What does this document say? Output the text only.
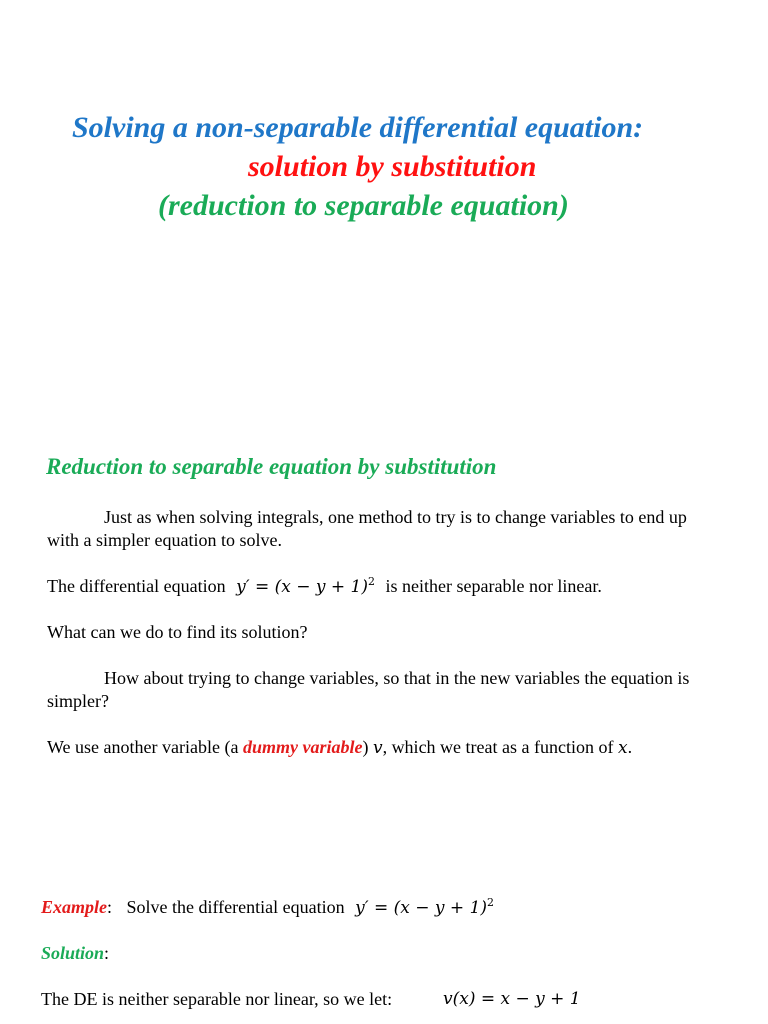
Solving a non-separable differential equation:

solution by substitution

(reduction to separable equation)

Reduction to separable equation by substitution

Just as when solving integrals, one method to try is to change variables to end up

with a simpler equation to solve.

The differential equation $y' = (x - y + 1)^2$ is neither separable nor linear.

What can we do to find its solution?

How about trying to change variables, so that in the new variables the equation is

simpler?

We use another variable (a dummy variable) v, which we treat as a function of x.

Example: Solve the differential equation $y' = (x - y + 1)^2$

Solution:

The DE is neither separable nor linear, so we let:	v(x) = x − y + 1
